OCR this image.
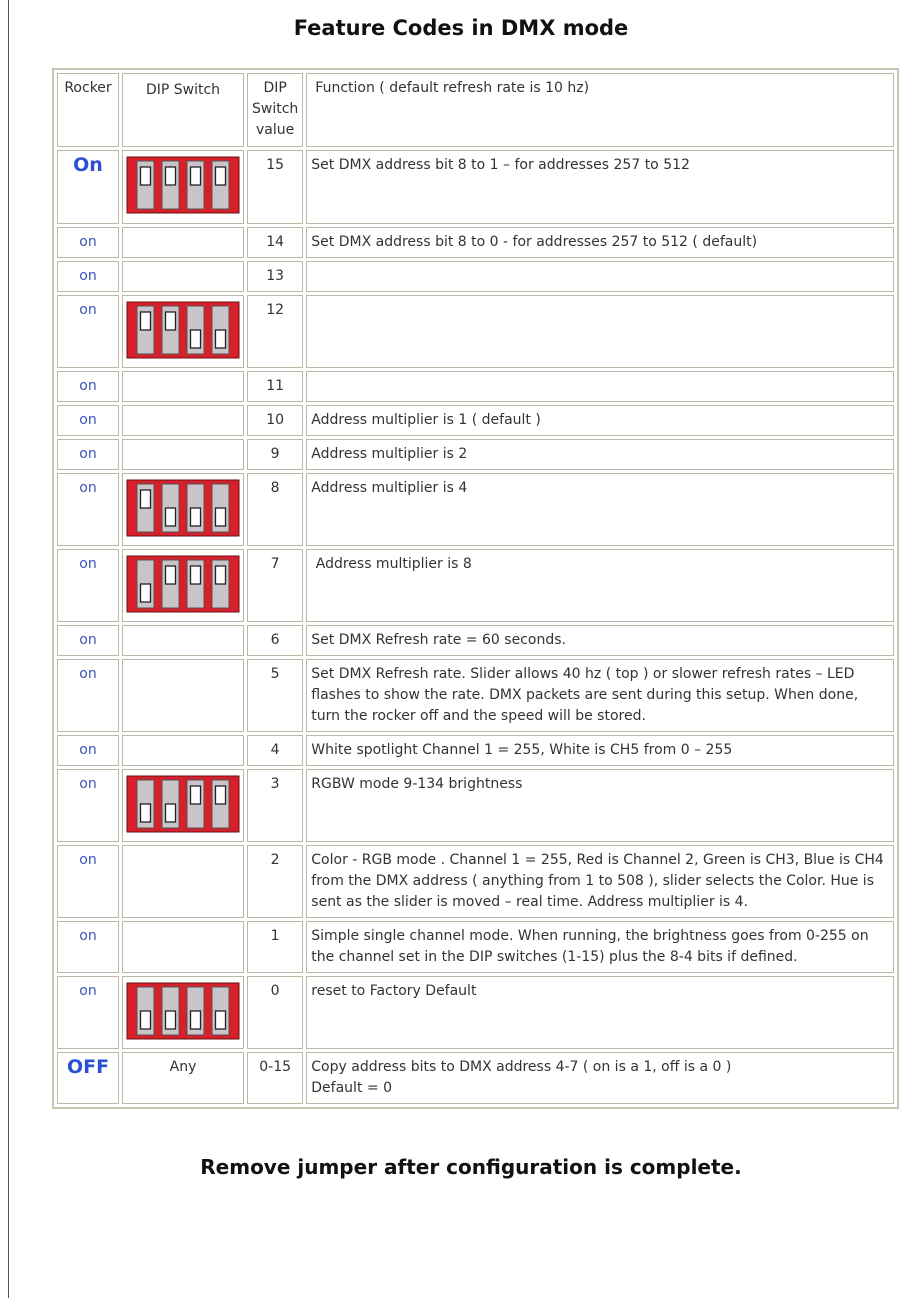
Feature Codes in DMX mode
Rocker	DIP Switch	DIP Switch value	Function ( default refresh rate is 10 hz)
On		15	Set DMX address bit 8 to 1 – for addresses 257 to 512
on		14	Set DMX address bit 8 to 0 - for addresses 257 to 512 ( default)
on		13	
on		12	
on		11	
on		10	Address multiplier is 1 ( default )
on		9	Address multiplier is 2
on		8	Address multiplier is 4
on		7	Address multiplier is 8
on		6	Set DMX Refresh rate = 60 seconds.
on		5	Set DMX Refresh rate. Slider allows 40 hz ( top ) or slower refresh rates – LED flashes to show the rate. DMX packets are sent during this setup. When done, turn the rocker off and the speed will be stored.
on		4	White spotlight Channel 1 = 255, White is CH5 from 0 – 255
on		3	RGBW mode 9-134 brightness
on		2	Color - RGB mode . Channel 1 = 255, Red is Channel 2, Green is CH3, Blue is CH4 from the DMX address ( anything from 1 to 508 ), slider selects the Color. Hue is sent as the slider is moved – real time. Address multiplier is 4.
on		1	Simple single channel mode. When running, the brightness goes from 0-255 on the channel set in the DIP switches (1-15) plus the 8-4 bits if defined.
on		0	reset to Factory Default
OFF	Any	0-15	Copy address bits to DMX address 4-7 ( on is a 1, off is a 0 )
Default = 0
Remove jumper after configuration is complete.
